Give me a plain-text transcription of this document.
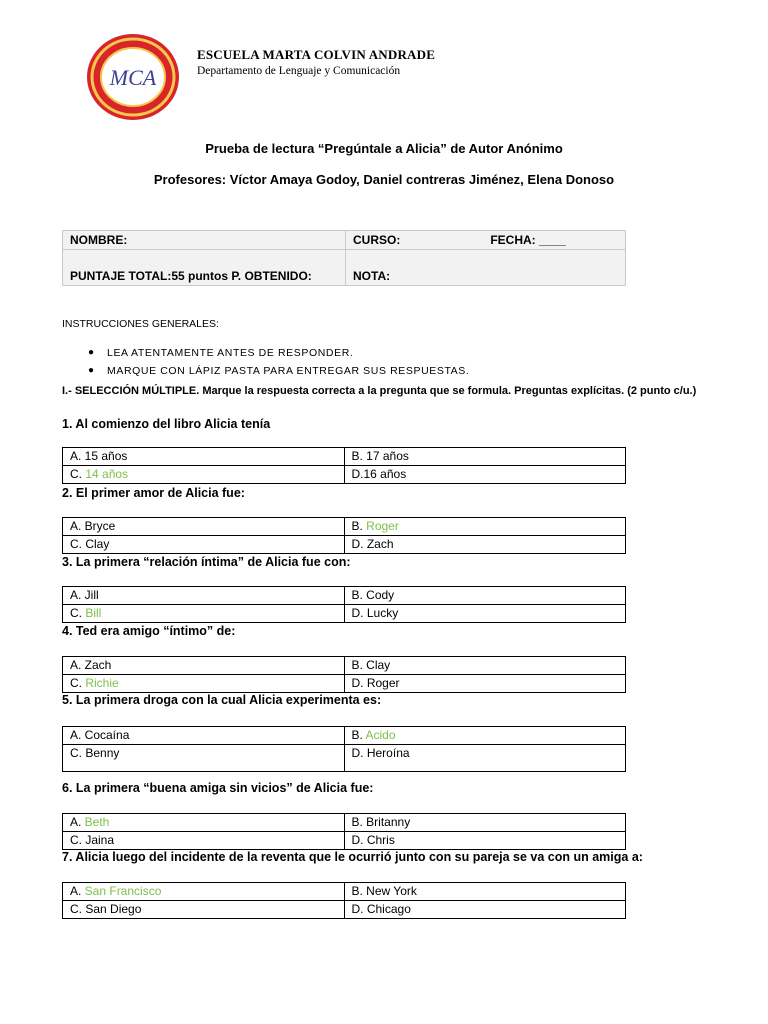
MCA
ESCUELA MARTA COLVIN ANDRADE
Departamento de Lenguaje y Comunicación
Prueba de lectura “Pregúntale a Alicia” de Autor Anónimo
Profesores: Víctor Amaya Godoy, Daniel contreras Jiménez, Elena Donoso
NOMBRE:	CURSO: FECHA: ____
PUNTAJE TOTAL:55 puntos P. OBTENIDO:	NOTA:
INSTRUCCIONES GENERALES:
● LEA ATENTAMENTE ANTES DE RESPONDER.
● MARQUE CON LÁPIZ PASTA PARA ENTREGAR SUS RESPUESTAS.
I.- SELECCIÓN MÚLTIPLE. Marque la respuesta correcta a la pregunta que se formula. Preguntas explícitas. (2 punto c/u.)
1. Al comienzo del libro Alicia tenía
A. 15 años	B. 17 años
C. 14 años	D.16 años
2. El primer amor de Alicia fue:
A. Bryce	B. Roger
C. Clay	D. Zach
3. La primera “relación íntima” de Alicia fue con:
A. Jill	B. Cody
C. Bill	D. Lucky
4. Ted era amigo “íntimo” de:
A. Zach	B. Clay
C. Richie	D. Roger
5. La primera droga con la cual Alicia experimenta es:
A. Cocaína	B. Acido
C. Benny	D. Heroína
6. La primera “buena amiga sin vicios” de Alicia fue:
A. Beth	B. Britanny
C. Jaina	D. Chris
7. Alicia luego del incidente de la reventa que le ocurrió junto con su pareja se va con un amiga a:
A. San Francisco	B. New York
C. San Diego	D. Chicago
